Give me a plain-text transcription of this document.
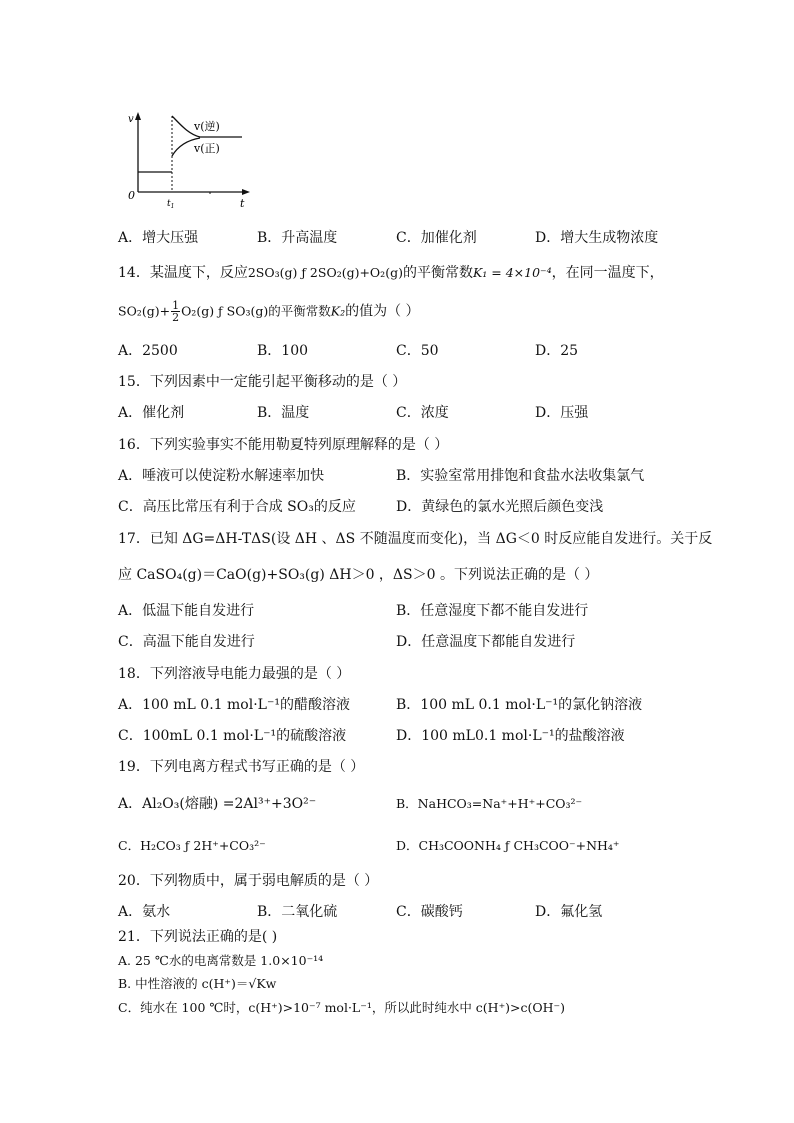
v
t
0
$t_1$
v(逆)
v(正)
A．增大压强	B．升高温度	C．加催化剂	D．增大生成物浓度
14．某温度下，反应2SO₃(g) ƒ 2SO₂(g)+O₂(g)的平衡常数K₁ = 4×10⁻⁴，在同一温度下，
$SO_2(g)+ \frac{1}{2} O_2(g)$ ƒ SO₃(g)的平衡常数K₂的值为（ ）
A．2500	B．100	C．50	D．25
15．下列因素中一定能引起平衡移动的是（ ）
A．催化剂	B．温度	C．浓度	D．压强
16．下列实验事实不能用勒夏特列原理解释的是（ ）
A．唾液可以使淀粉水解速率加快	B．实验室常用排饱和食盐水法收集氯气
C．高压比常压有利于合成 SO₃的反应	D．黄绿色的氯水光照后颜色变浅
17．已知 ΔG=ΔH-TΔS(设 ΔH 、ΔS 不随温度而变化)，当 ΔG＜0 时反应能自发进行。关于反
应 CaSO₄(g)＝CaO(g)+SO₃(g) ΔH＞0 ，ΔS＞0 。下列说法正确的是（ ）
A．低温下能自发进行	B．任意湿度下都不能自发进行
C．高温下能自发进行	D．任意温度下都能自发进行
18．下列溶液导电能力最强的是（ ）
A．100 mL 0.1 mol·L⁻¹的醋酸溶液	B．100 mL 0.1 mol·L⁻¹的氯化钠溶液
C．100mL 0.1 mol·L⁻¹的硫酸溶液	D．100 mL0.1 mol·L⁻¹的盐酸溶液
19．下列电离方程式书写正确的是（ ）
A．Al₂O₃(熔融) =2Al³⁺+3O²⁻	B．NaHCO₃=Na⁺+H⁺+CO₃²⁻
C．H₂CO₃ ƒ 2H⁺+CO₃²⁻	D．CH₃COONH₄ ƒ CH₃COO⁻+NH₄⁺
20．下列物质中，属于弱电解质的是（ ）
A．氨水	B．二氧化硫	C．碳酸钙	D．氟化氢
21．下列说法正确的是( )
A. 25 ℃水的电离常数是 1.0×10⁻¹⁴
B. 中性溶液的 c(H⁺)＝√Kw
C．纯水在 100 ℃时，c(H⁺)>10⁻⁷ mol·L⁻¹，所以此时纯水中 c(H⁺)>c(OH⁻)
